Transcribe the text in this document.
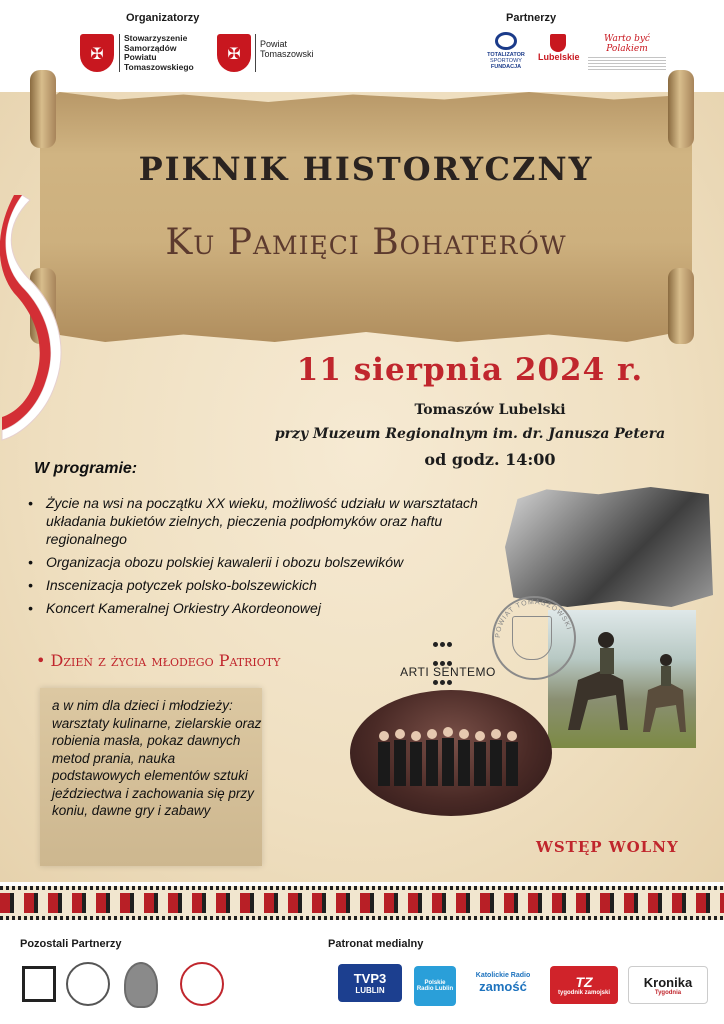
Organizatorzy	Partnerzy
✠
Stowarzyszenie
Samorządów
Powiatu
Tomaszowskiego
✠	Powiat
Tomaszowski	TOTALIZATOR
SPORTOWY
FUNDACJA
Lubelskie
Warto być Polakiem
PIKNIK HISTORYCZNY
Ku Pamięci Bohaterów
11 sierpnia 2024 r.
Tomaszów Lubelski
przy Muzeum Regionalnym im. dr. Janusza Petera
od godz. 14:00
W programie:
• Życie na wsi na początku XX wieku, możliwość udziału w warsztatach układania bukietów zielnych, pieczenia podpłomyków oraz haftu regionalnego
• Organizacja obozu polskiej kawalerii i obozu bolszewików
• Inscenizacja potyczek polsko-bolszewickich
• Koncert Kameralnej Orkiestry Akordeonowej
• Dzień z życia młodego Patrioty
a w nim dla dzieci i młodzieży: warsztaty kulinarne, zielarskie oraz robienia masła, pokaz dawnych metod prania, nauka podstawowych elementów sztuki jeździectwa i zachowania się przy koniu, dawne gry i zabawy
POWIAT TOMASZOWSKI

ARTI SENTEMO
WSTĘP WOLNY
Pozostali Partnerzy	Patronat medialny
TVP3
LUBLIN
Polskie Radio Lublin
Katolickie Radio
zamość	TZ
tygodnik zamojski
Kronika
Tygodnia
